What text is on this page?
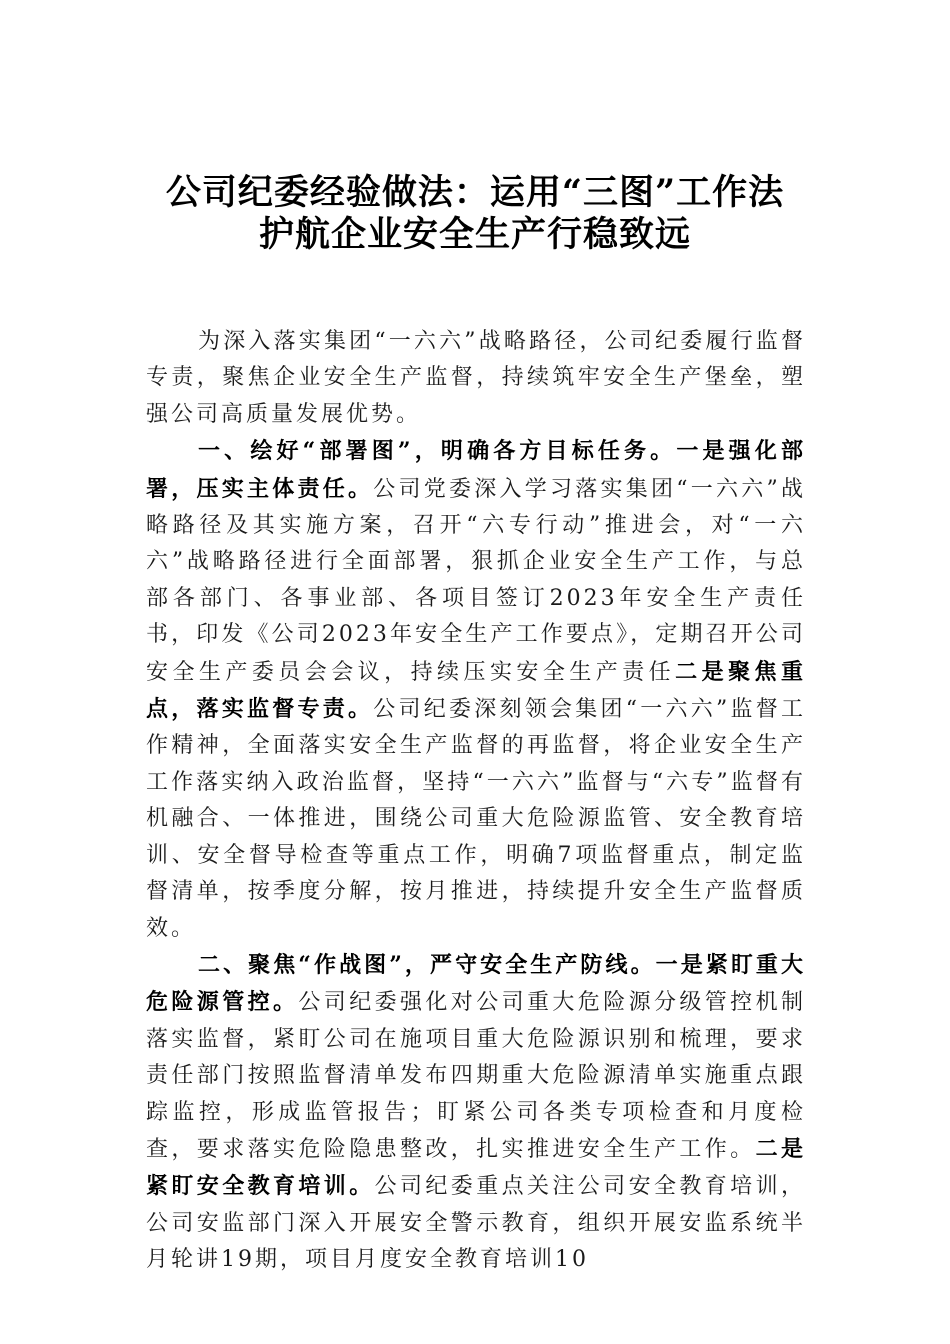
公司纪委经验做法：运用“三图”工作法
护航企业安全生产行稳致远

为深入落实集团“一六六”战略路径，公司纪委履行监督专责，聚焦企业安全生产监督，持续筑牢安全生产堡垒，塑强公司高质量发展优势。

一、绘好“部署图”，明确各方目标任务。一是强化部署，压实主体责任。公司党委深入学习落实集团“一六六”战略路径及其实施方案，召开“六专行动”推进会，对“一六六”战略路径进行全面部署，狠抓企业安全生产工作，与总部各部门、各事业部、各项目签订2023年安全生产责任书，印发《公司2023年安全生产工作要点》，定期召开公司安全生产委员会会议，持续压实安全生产责任二是聚焦重点，落实监督专责。公司纪委深刻领会集团“一六六”监督工作精神，全面落实安全生产监督的再监督，将企业安全生产工作落实纳入政治监督，坚持“一六六”监督与“六专”监督有机融合、一体推进，围绕公司重大危险源监管、安全教育培训、安全督导检查等重点工作，明确7项监督重点，制定监督清单，按季度分解，按月推进，持续提升安全生产监督质效。

二、聚焦“作战图”，严守安全生产防线。一是紧盯重大危险源管控。公司纪委强化对公司重大危险源分级管控机制落实监督，紧盯公司在施项目重大危险源识别和梳理，要求责任部门按照监督清单发布四期重大危险源清单实施重点跟踪监控，形成监管报告；盯紧公司各类专项检查和月度检查，要求落实危险隐患整改，扎实推进安全生产工作。二是紧盯安全教育培训。公司纪委重点关注公司安全教育培训，公司安监部门深入开展安全警示教育，组织开展安监系统半月轮讲19期，项目月度安全教育培训10
